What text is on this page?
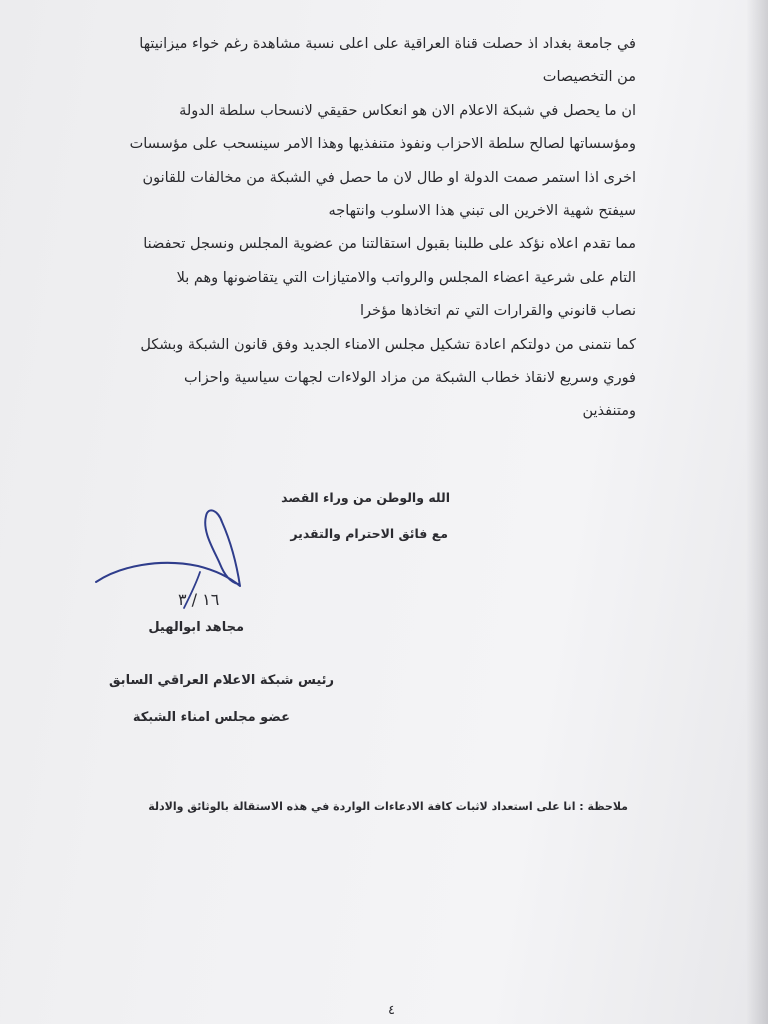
في جامعة بغداد اذ حصلت قناة العراقية على اعلى نسبة مشاهدة رغم خواء ميزانيتها
من التخصيصات
ان ما يحصل في شبكة الاعلام الان هو انعكاس حقيقي لانسحاب سلطة الدولة
ومؤسساتها لصالح سلطة الاحزاب ونفوذ متنفذيها وهذا الامر سينسحب على مؤسسات
اخرى اذا استمر صمت الدولة او طال لان ما حصل في الشبكة من مخالفات للقانون
سيفتح شهية الاخرين الى تبني هذا الاسلوب وانتهاجه
مما تقدم اعلاه نؤكد على طلبنا بقبول استقالتنا من عضوية المجلس ونسجل تحفضنا
التام على شرعية اعضاء المجلس والرواتب والامتيازات التي يتقاضونها وهم بلا
نصاب قانوني والقرارات التي تم اتخاذها مؤخرا
كما نتمنى من دولتكم اعادة تشكيل مجلس الامناء الجديد وفق قانون الشبكة وبشكل
فوري وسريع لانقاذ خطاب الشبكة من مزاد الولاءات لجهات سياسية واحزاب
ومتنفذين
الله والوطن من وراء القصد
مع فائق الاحترام والتقدير
١٦ / ٣
مجاهد ابوالهيل
رئيس شبكة الاعلام العراقي السابق
عضو مجلس امناء الشبكة
ملاحظة : انا على استعداد لاثبات كافة الادعاءات الواردة في هذه الاستقالة بالوثائق والادلة
٤
